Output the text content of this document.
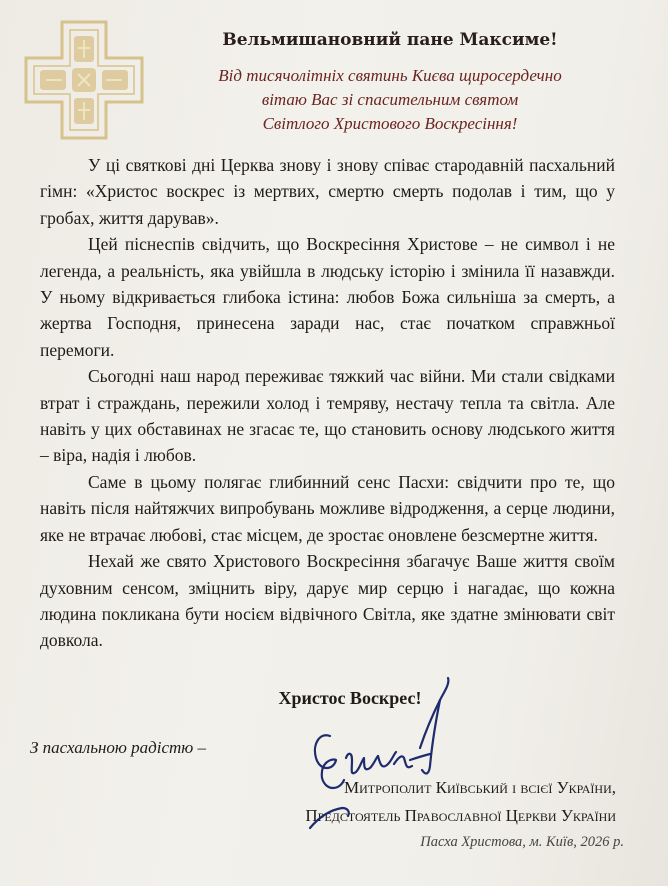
Вельмишановний пане Максиме!
Від тисячолітніх святинь Києва щиросердечно
вітаю Вас зі спасительним святом
Світлого Христового Воскресіння!

У ці святкові дні Церква знову і знову співає стародавній пасхальний гімн: «Христос воскрес із мертвих, смертю смерть подолав і тим, що у гробах, життя дарував».

Цей піснеспів свідчить, що Воскресіння Христове – не символ і не легенда, а реальність, яка увійшла в людську історію і змінила її назавжди. У ньому відкривається глибока істина: любов Божа сильніша за смерть, а жертва Господня, принесена заради нас, стає початком справжньої перемоги.

Сьогодні наш народ переживає тяжкий час війни. Ми стали свідками втрат і страждань, пережили холод і темряву, нестачу тепла та світла. Але навіть у цих обставинах не згасає те, що становить основу людського життя – віра, надія і любов.

Саме в цьому полягає глибинний сенс Пасхи: свідчити про те, що навіть після найтяжчих випробувань можливе відродження, а серце людини, яке не втрачає любові, стає місцем, де зростає оновлене безсмертне життя.

Нехай же свято Христового Воскресіння збагачує Ваше життя своїм духовним сенсом, зміцнить віру, дарує мир серцю і нагадає, що кожна людина покликана бути носієм відвічного Світла, яке здатне змінювати світ довкола.

Христос Воскрес!
З пасхальною радістю –
Митрополит Київський і всієї України,
Предстоятель Православної Церкви України
Пасха Христова, м. Київ, 2026 р.
